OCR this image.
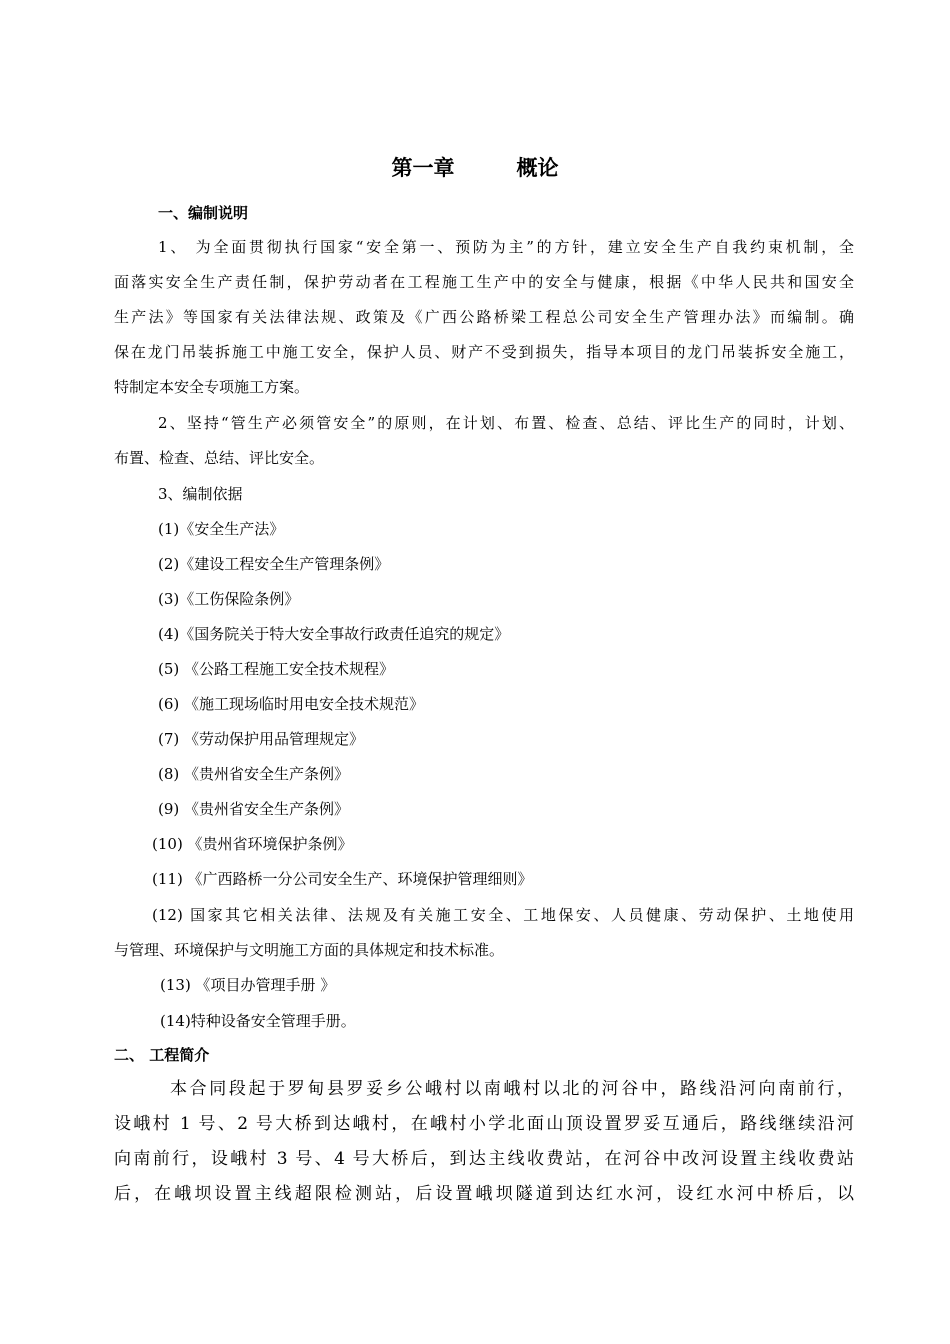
第一章	概论
一、编制说明
1、 为全面贯彻执行国家“安全第一、预防为主”的方针，建立安全生产自我约束机制，全
面落实安全生产责任制，保护劳动者在工程施工生产中的安全与健康，根据《中华人民共和国安全
生产法》等国家有关法律法规、政策及《广西公路桥梁工程总公司安全生产管理办法》而编制。确
保在龙门吊装拆施工中施工安全，保护人员、财产不受到损失，指导本项目的龙门吊装拆安全施工，
特制定本安全专项施工方案。
2、坚持“管生产必须管安全”的原则，在计划、布置、检查、总结、评比生产的同时，计划、
布置、检查、总结、评比安全。
3、编制依据
(1)《安全生产法》
(2)《建设工程安全生产管理条例》
(3)《工伤保险条例》
(4)《国务院关于特大安全事故行政责任追究的规定》
(5) 《公路工程施工安全技术规程》
(6) 《施工现场临时用电安全技术规范》
(7) 《劳动保护用品管理规定》
(8) 《贵州省安全生产条例》
(9) 《贵州省安全生产条例》
(10) 《贵州省环境保护条例》
(11) 《广西路桥一分公司安全生产、环境保护管理细则》
(12) 国家其它相关法律、法规及有关施工安全、工地保安、人员健康、劳动保护、土地使用
与管理、环境保护与文明施工方面的具体规定和技术标准。
(13) 《项目办管理手册 》
(14)特种设备安全管理手册。
二、 工程简介
本合同段起于罗甸县罗妥乡公峨村以南峨村以北的河谷中，路线沿河向南前行，
设峨村 1 号、2 号大桥到达峨村，在峨村小学北面山顶设置罗妥互通后，路线继续沿河
向南前行，设峨村 3 号、4 号大桥后，到达主线收费站，在河谷中改河设置主线收费站
后，在峨坝设置主线超限检测站，后设置峨坝隧道到达红水河，设红水河中桥后，以
